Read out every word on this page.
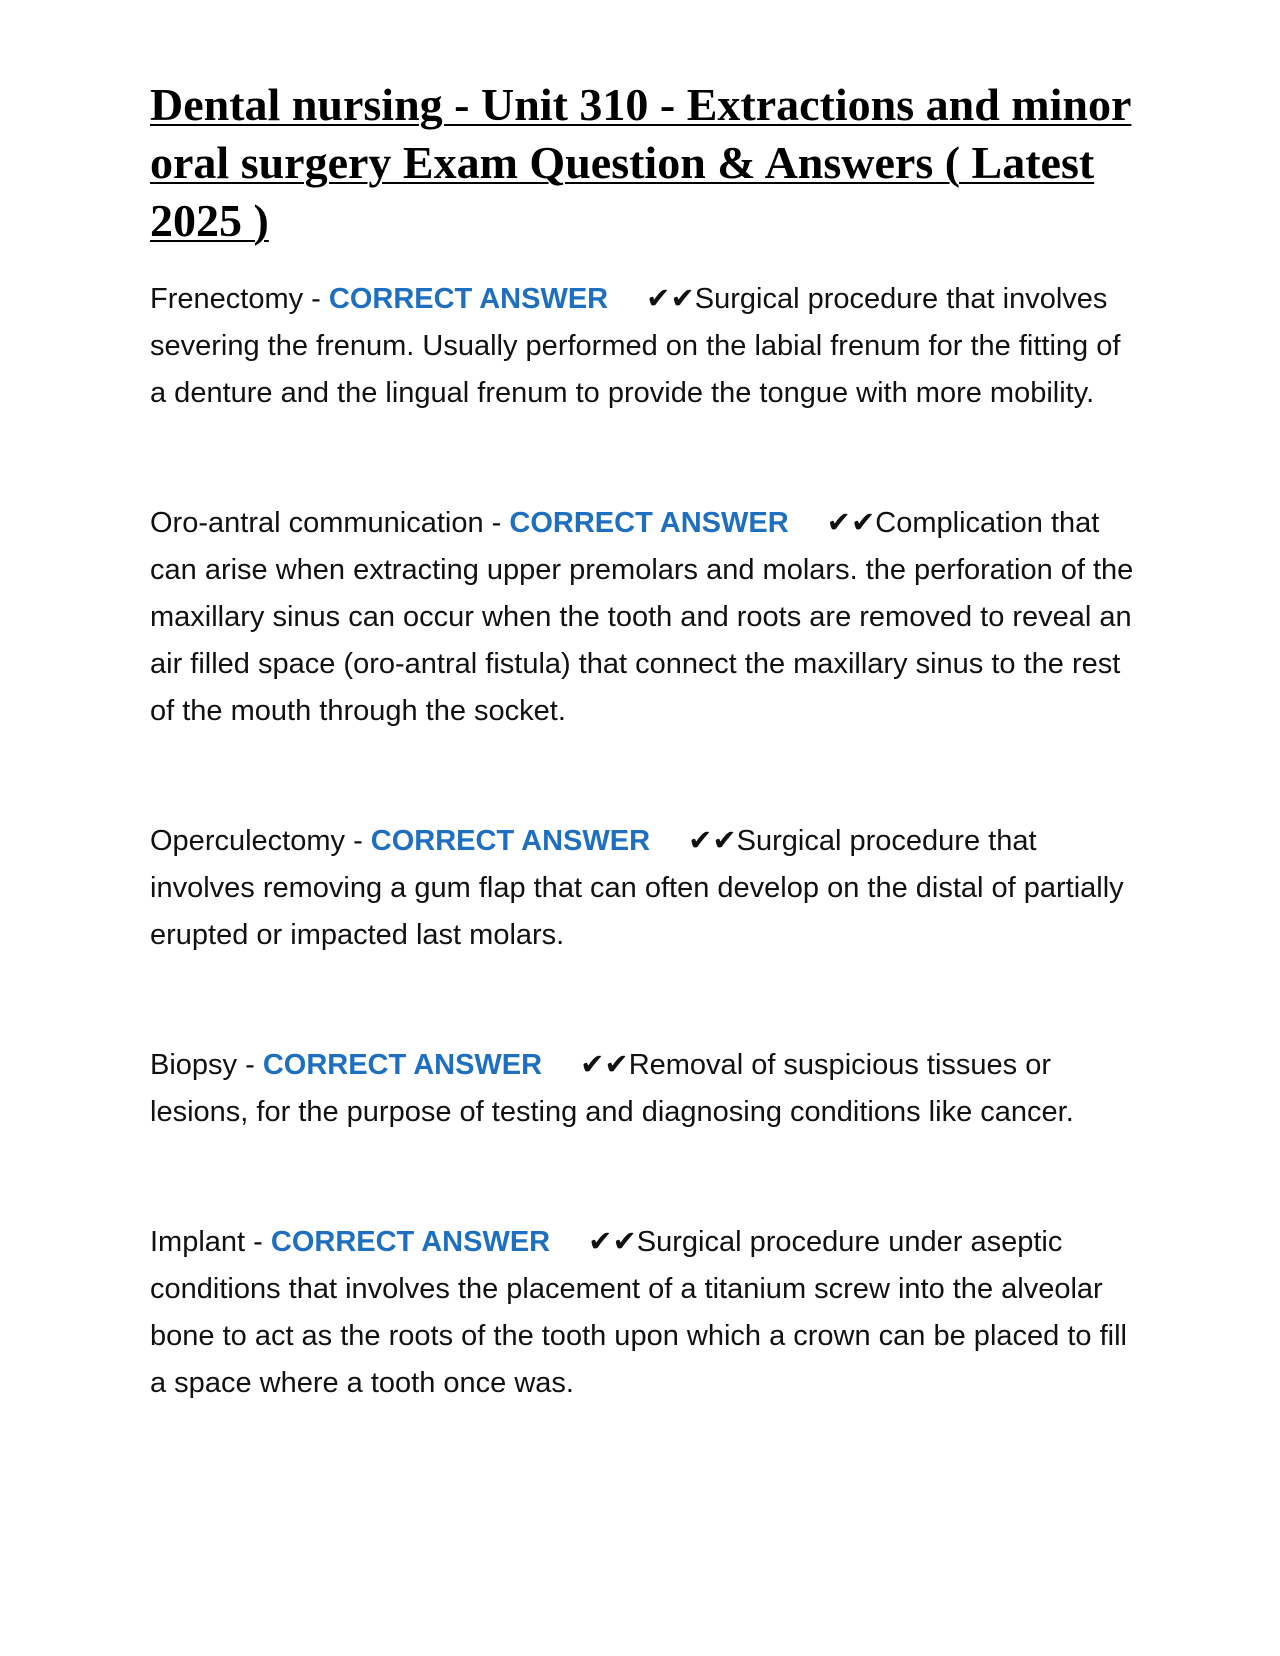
Dental nursing - Unit 310 - Extractions and minor oral surgery Exam Question & Answers ( Latest 2025 )

Frenectomy - CORRECT ANSWER ✔✔Surgical procedure that involves severing the frenum. Usually performed on the labial frenum for the fitting of a denture and the lingual frenum to provide the tongue with more mobility.

Oro-antral communication - CORRECT ANSWER ✔✔Complication that can arise when extracting upper premolars and molars. the perforation of the maxillary sinus can occur when the tooth and roots are removed to reveal an air filled space (oro-antral fistula) that connect the maxillary sinus to the rest of the mouth through the socket.

Operculectomy - CORRECT ANSWER ✔✔Surgical procedure that involves removing a gum flap that can often develop on the distal of partially erupted or impacted last molars.

Biopsy - CORRECT ANSWER ✔✔Removal of suspicious tissues or lesions, for the purpose of testing and diagnosing conditions like cancer.

Implant - CORRECT ANSWER ✔✔Surgical procedure under aseptic conditions that involves the placement of a titanium screw into the alveolar bone to act as the roots of the tooth upon which a crown can be placed to fill a space where a tooth once was.
